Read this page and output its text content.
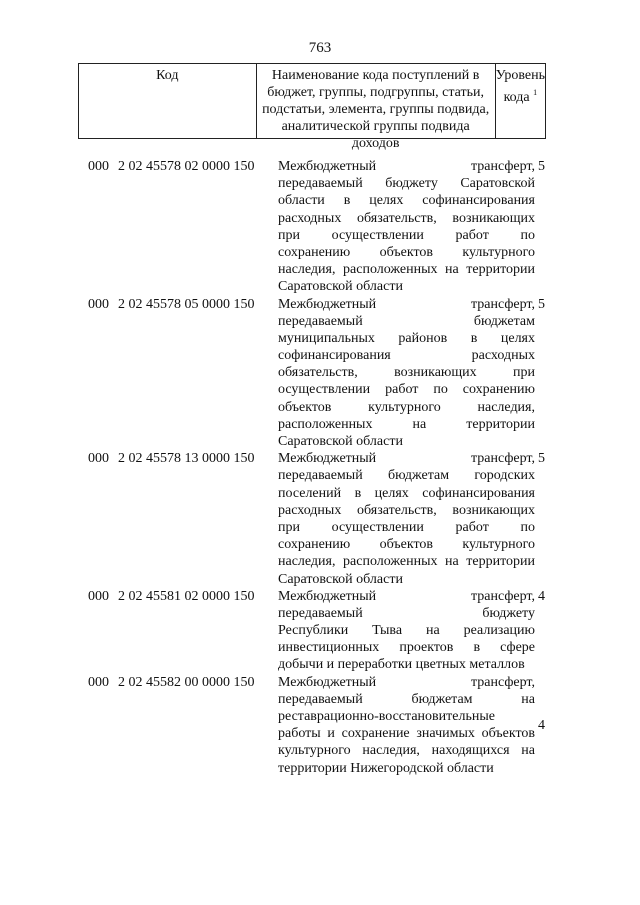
763
Код	Наименование кода поступлений в бюджет, группы, подгруппы, статьи, подстатьи, элемента, группы подвида, аналитической группы подвида доходов
Уровень
кода $^1$
000 2 02 45578 02 0000 150	Межбюджетный трансферт,
передаваемый бюджету Саратовской
области в целях софинансирования
расходных обязательств, возникающих
при осуществлении работ по
сохранению объектов культурного
наследия, расположенных на территории
Саратовской области
5
000 2 02 45578 05 0000 150	Межбюджетный трансферт,
передаваемый бюджетам
муниципальных районов в целях
софинансирования расходных
обязательств, возникающих при
осуществлении работ по сохранению
объектов культурного наследия,
расположенных на территории
Саратовской области
5
000 2 02 45578 13 0000 150	Межбюджетный трансферт,
передаваемый бюджетам городских
поселений в целях софинансирования
расходных обязательств, возникающих
при осуществлении работ по
сохранению объектов культурного
наследия, расположенных на территории
Саратовской области
5
000 2 02 45581 02 0000 150	Межбюджетный трансферт,
передаваемый бюджету
Республики Тыва на реализацию
инвестиционных проектов в сфере
добычи и переработки цветных металлов
4
000 2 02 45582 00 0000 150	Межбюджетный трансферт,
передаваемый бюджетам на
реставрационно-восстановительные
работы и сохранение значимых объектов
культурного наследия, находящихся на
территории Нижегородской области
4
